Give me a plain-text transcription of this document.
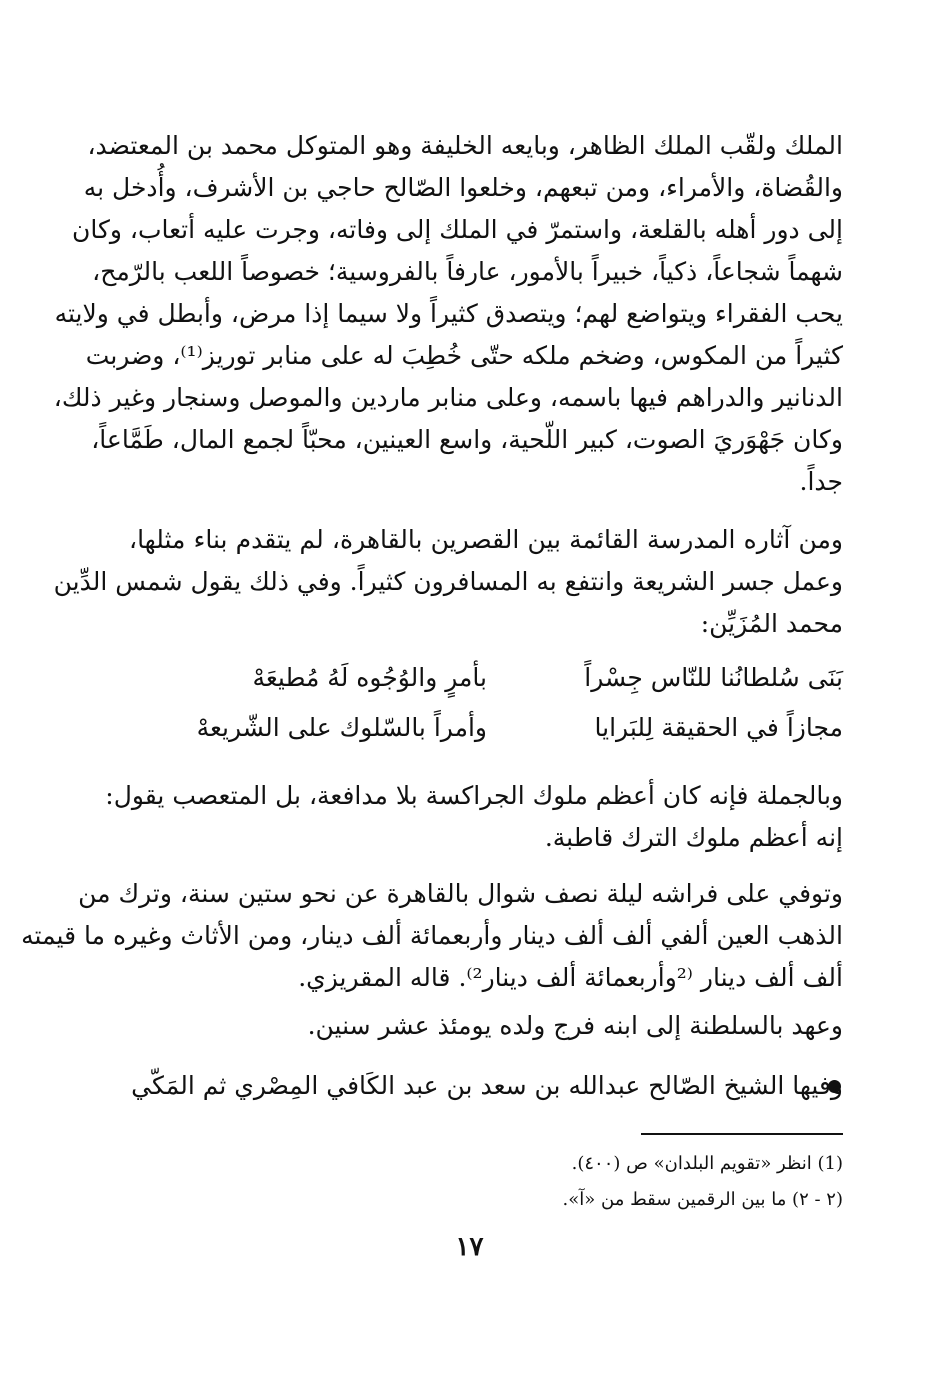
الملك ولقّب الملك الظاهر، وبايعه الخليفة وهو المتوكل محمد بن المعتضد،
والقُضاة، والأمراء، ومن تبعهم، وخلعوا الصّالح حاجي بن الأشرف، وأُدخل به
إلى دور أهله بالقلعة، واستمرّ في الملك إلى وفاته، وجرت عليه أتعاب، وكان
شهماً شجاعاً، ذكياً، خبيراً بالأمور، عارفاً بالفروسية؛ خصوصاً اللعب بالرّمح،
يحب الفقراء ويتواضع لهم؛ ويتصدق كثيراً ولا سيما إذا مرض، وأبطل في ولايته
كثيراً من المكوس، وضخم ملكه حتّى خُطِبَ له على منابر توريز⁽¹⁾، وضربت
الدنانير والدراهم فيها باسمه، وعلى منابر ماردين والموصل وسنجار وغير ذلك،
وكان جَهْوَريَ الصوت، كبير اللّحية، واسع العينين، محبّاً لجمع المال، طَمَّاعاً،
جداً.
ومن آثاره المدرسة القائمة بين القصرين بالقاهرة، لم يتقدم بناء مثلها،
وعمل جسر الشريعة وانتفع به المسافرون كثيراً. وفي ذلك يقول شمس الدِّين
محمد المُزَيِّن:
بَنَى سُلطانُنا للنّاس جِسْراً
بأمرٍ والوُجُوه لَهُ مُطيعَهْ
مجازاً في الحقيقة لِلبَرايا
وأمراً بالسّلوك على الشّريعهْ
وبالجملة فإنه كان أعظم ملوك الجراكسة بلا مدافعة، بل المتعصب يقول:
إنه أعظم ملوك الترك قاطبة.
وتوفي على فراشه ليلة نصف شوال بالقاهرة عن نحو ستين سنة، وترك من
الذهب العين ألفي ألف ألف دينار وأربعمائة ألف دينار، ومن الأثاث وغيره ما قيمته
ألف ألف دينار ⁽²وأربعمائة ألف دينار²⁾. قاله المقريزي.
وعهد بالسلطنة إلى ابنه فرج ولده يومئذ عشر سنين.
وفيها الشيخ الصّالح عبدالله بن سعد بن عبد الكَافي المِصْري ثم المَكّي
(1) انظر «تقويم البلدان» ص (٤٠٠).
(٢ - ٢) ما بين الرقمين سقط من «آ».
١٧
